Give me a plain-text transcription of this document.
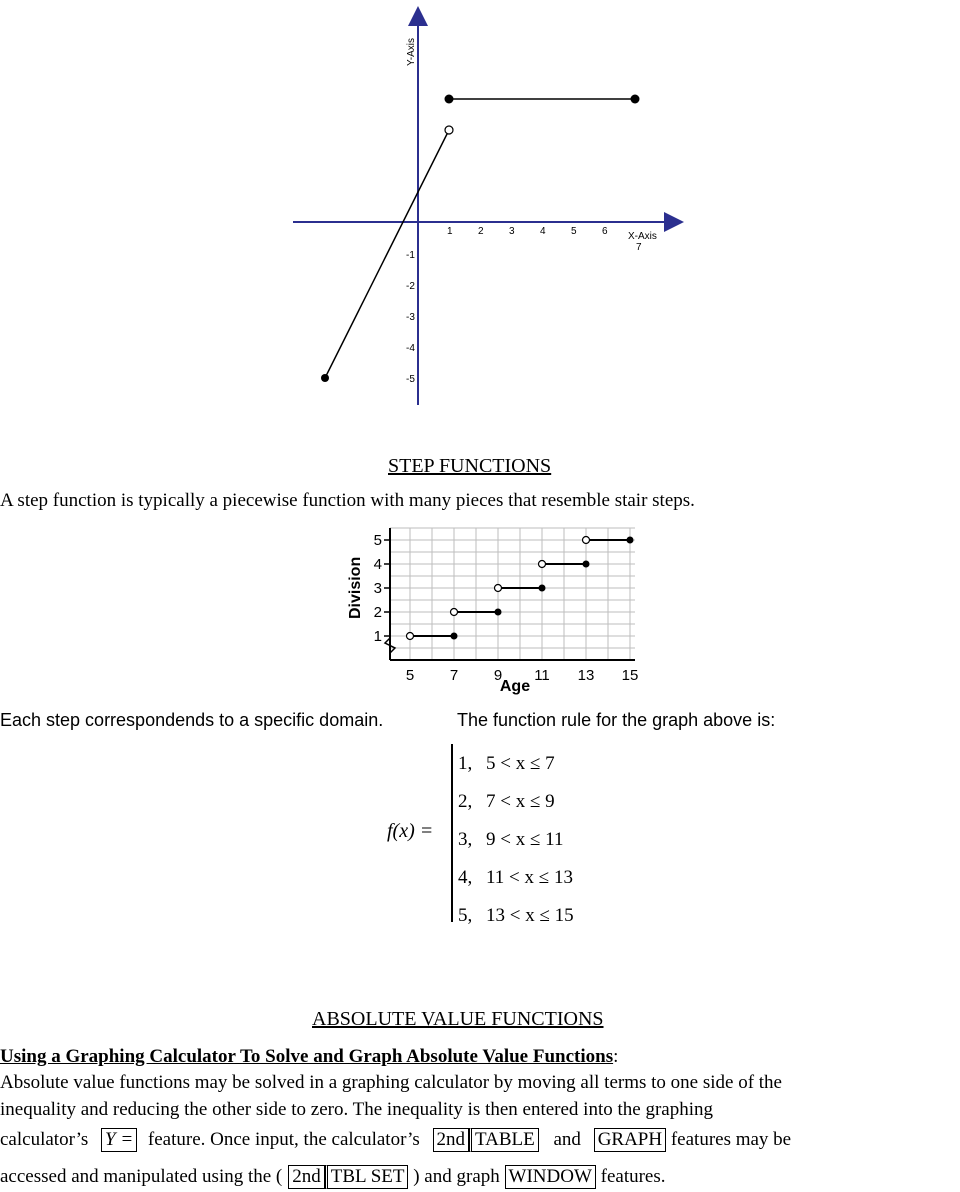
Y-Axis
X-Axis
1	2	3	4	5	6
7
-1
-2
-3
-4
-5
STEP FUNCTIONS
A step function is typically a piecewise function with many pieces that resemble stair steps.
5 7 9 11 13 15
1
2
3
4
5
Age
Division
Each step correspondends to a specific domain.	The function rule for the graph above is:
f(x) =
1, 5 < x ≤ 7
2, 7 < x ≤ 9
3, 9 < x ≤ 11
4, 11 < x ≤ 13
5, 13 < x ≤ 15
ABSOLUTE VALUE FUNCTIONS
Using a Graphing Calculator To Solve and Graph Absolute Value Functions:
Absolute value functions may be solved in a graphing calculator by moving all terms to one side of the
inequality and reducing the other side to zero. The inequality is then entered into the graphing
calculator’s Y = feature. Once input, the calculator’s 2nd TABLE and GRAPH features may be
accessed and manipulated using the ( 2nd TBL SET ) and graph WINDOW features.
